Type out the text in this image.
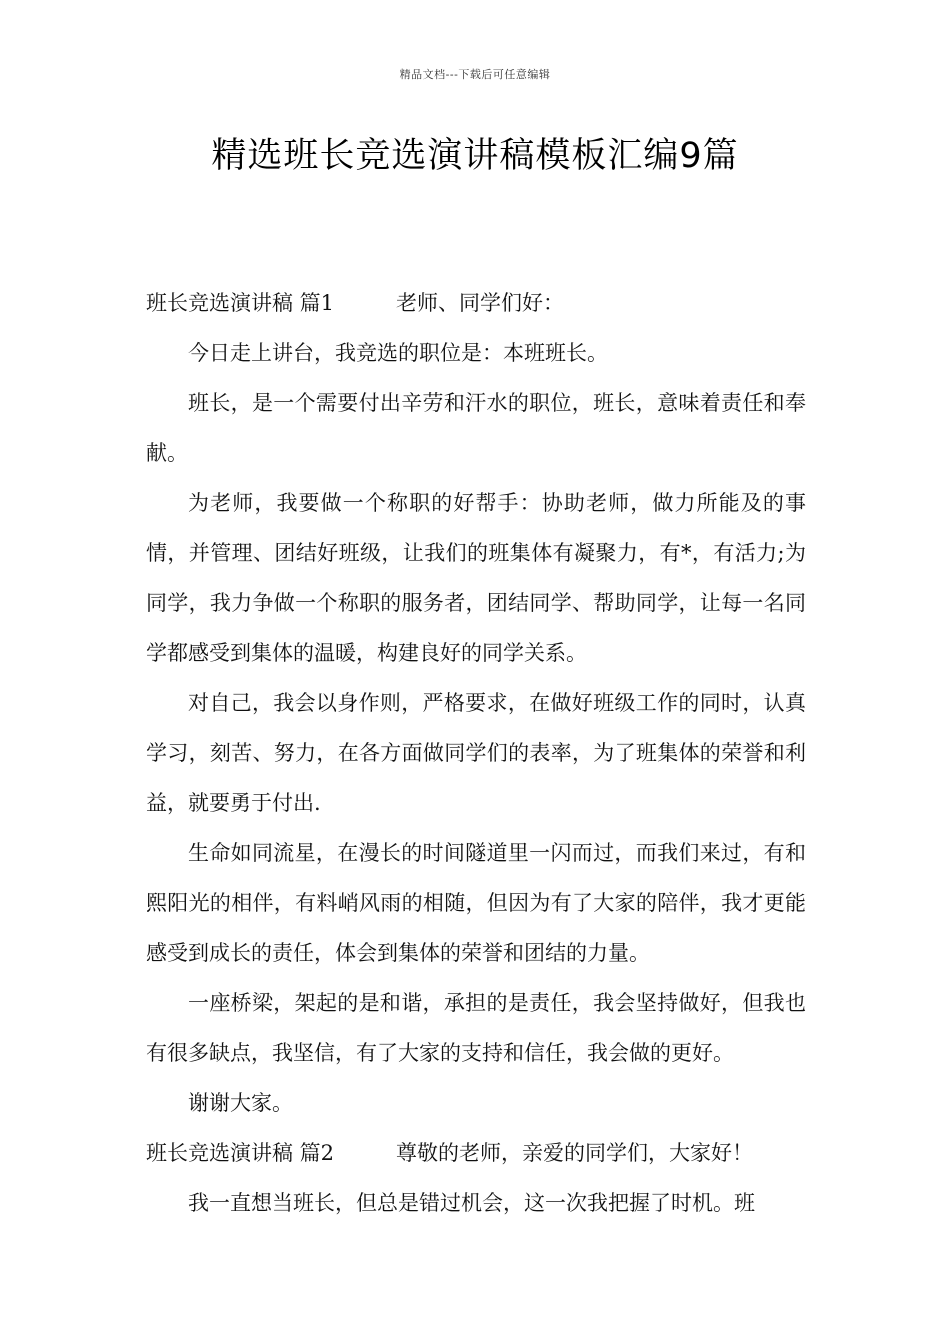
精品文档---下载后可任意编辑
精选班长竞选演讲稿模板汇编9篇

班长竞选演讲稿 篇1	老师、同学们好：

今日走上讲台，我竞选的职位是：本班班长。

班长，是一个需要付出辛劳和汗水的职位，班长，意味着责任和奉献。

为老师，我要做一个称职的好帮手：协助老师，做力所能及的事情，并管理、团结好班级，让我们的班集体有凝聚力，有*，有活力;为同学，我力争做一个称职的服务者，团结同学、帮助同学，让每一名同学都感受到集体的温暖，构建良好的同学关系。

对自己，我会以身作则，严格要求，在做好班级工作的同时，认真学习，刻苦、努力，在各方面做同学们的表率，为了班集体的荣誉和利益，就要勇于付出.

生命如同流星，在漫长的时间隧道里一闪而过，而我们来过，有和熙阳光的相伴，有料峭风雨的相随，但因为有了大家的陪伴，我才更能感受到成长的责任，体会到集体的荣誉和团结的力量。

一座桥梁，架起的是和谐，承担的是责任，我会坚持做好，但我也有很多缺点，我坚信，有了大家的支持和信任，我会做的更好。

谢谢大家。

班长竞选演讲稿 篇2	尊敬的老师，亲爱的同学们，大家好！

我一直想当班长，但总是错过机会，这一次我把握了时机。班
